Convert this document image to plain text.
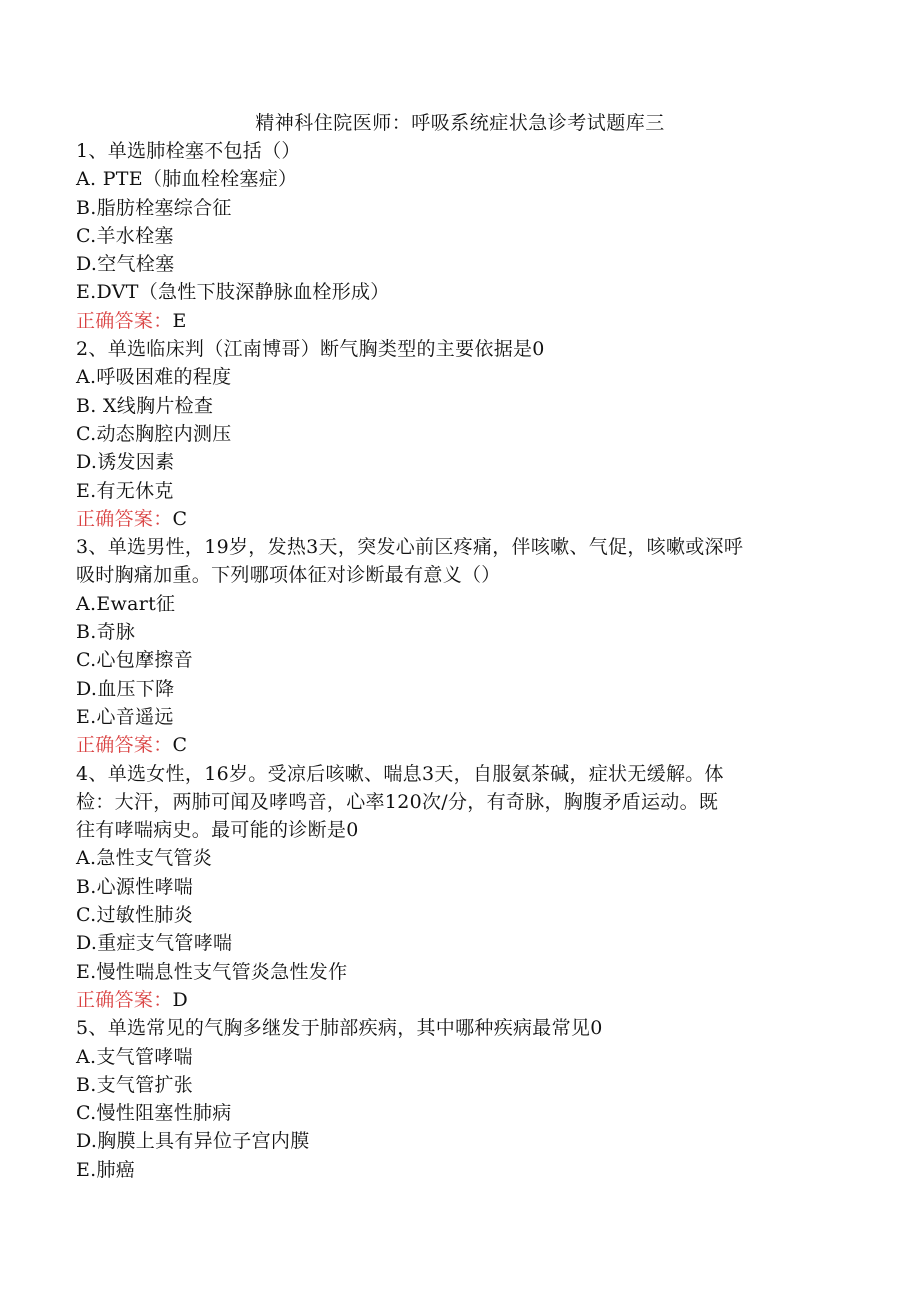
精神科住院医师：呼吸系统症状急诊考试题库三
1、单选肺栓塞不包括（）
A. PTE（肺血栓栓塞症）
B.脂肪栓塞综合征
C.羊水栓塞
D.空气栓塞
E.DVT（急性下肢深静脉血栓形成）
正确答案：E
2、单选临床判（江南博哥）断气胸类型的主要依据是0
A.呼吸困难的程度
B. X线胸片检查
C.动态胸腔内测压
D.诱发因素
E.有无休克
正确答案：C
3、单选男性，19岁，发热3天，突发心前区疼痛，伴咳嗽、气促，咳嗽或深呼
吸时胸痛加重。下列哪项体征对诊断最有意义（）
A.Ewart征
B.奇脉
C.心包摩擦音
D.血压下降
E.心音遥远
正确答案：C
4、单选女性，16岁。受凉后咳嗽、喘息3天，自服氨茶碱，症状无缓解。体
检：大汗，两肺可闻及哮鸣音，心率120次/分，有奇脉，胸腹矛盾运动。既
往有哮喘病史。最可能的诊断是0
A.急性支气管炎
B.心源性哮喘
C.过敏性肺炎
D.重症支气管哮喘
E.慢性喘息性支气管炎急性发作
正确答案：D
5、单选常见的气胸多继发于肺部疾病，其中哪种疾病最常见0
A.支气管哮喘
B.支气管扩张
C.慢性阻塞性肺病
D.胸膜上具有异位子宫内膜
E.肺癌
